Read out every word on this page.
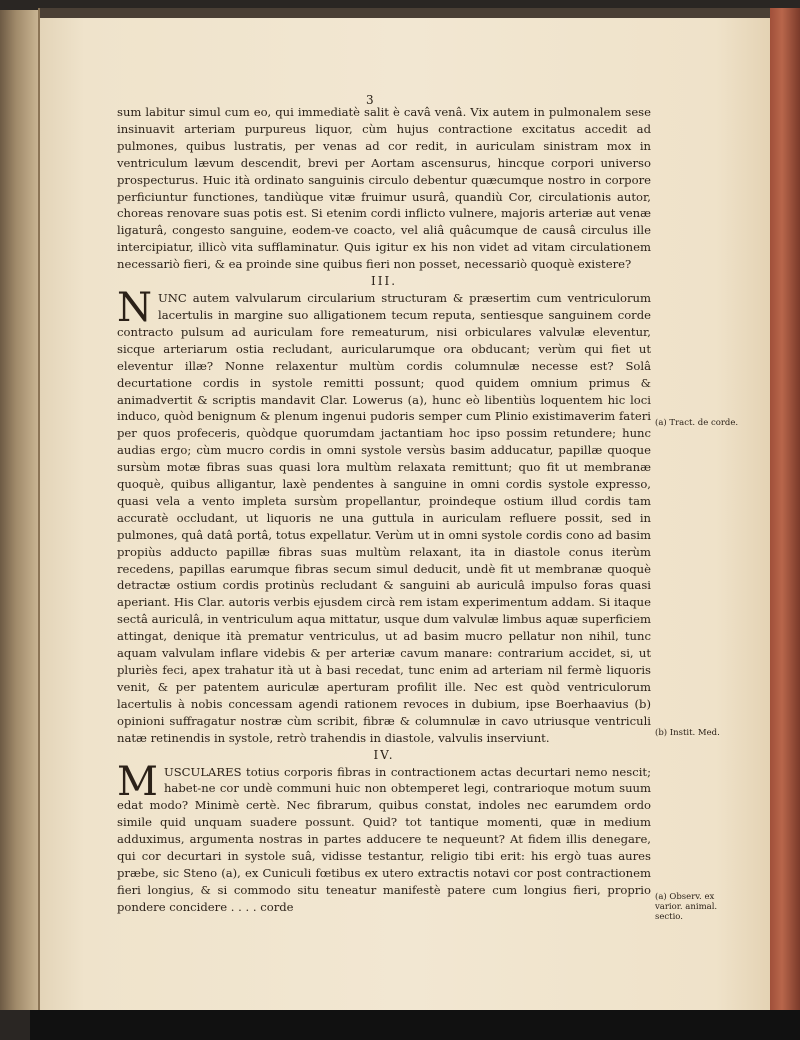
3

sum labitur simul cum eo, qui immediatè salit è cavâ venâ. Vix autem in pulmonalem sese insinuavit arteriam purpureus liquor, cùm hujus contractione excitatus accedit ad pulmones, quibus lustratis, per venas ad cor redit, in auriculam sinistram mox in ventriculum lævum descendit, brevi per Aortam ascensurus, hincque corpori universo prospecturus. Huic ità ordinato sanguinis circulo debentur quæcumque nostro in corpore perficiuntur functiones, tandiùque vitæ fruimur usurâ, quandiù Cor, circulationis autor, choreas renovare suas potis est. Si etenim cordi inflicto vulnere, majoris arteriæ aut venæ ligaturâ, congesto sanguine, eodem-ve coacto, vel aliâ quâcumque de causâ circulus ille intercipiatur, illicò vita sufflaminatur. Quis igitur ex his non videt ad vitam circulationem necessariò fieri, & ea proinde sine quibus fieri non posset, necessariò quoquè existere?

III.

NUNC autem valvularum circularium structuram & præsertim cum ventriculorum lacertulis in margine suo alligationem tecum reputa, sentiesque sanguinem corde contracto pulsum ad auriculam fore remeaturum, nisi orbiculares valvulæ eleventur, sicque arteriarum ostia recludant, auricularumque ora obducant; verùm qui fiet ut eleventur illæ? Nonne relaxentur multùm cordis columnulæ necesse est? Solâ decurtatione cordis in systole remitti possunt; quod quidem omnium primus & animadvertit & scriptis mandavit Clar. Lowerus (a), hunc eò libentiùs loquentem hic loci induco, quòd benignum & plenum ingenui pudoris semper cum Plinio existimaverim fateri per quos profeceris, quòdque quorumdam jactantiam hoc ipso possim retundere; hunc audias ergo; cùm mucro cordis in omni systole versùs basim adducatur, papillæ quoque sursùm motæ fibras suas quasi lora multùm relaxata remittunt; quo fit ut membranæ quoquè, quibus alligantur, laxè pendentes à sanguine in omni cordis systole expresso, quasi vela a vento impleta sursùm propellantur, proindeque ostium illud cordis tam accuratè occludant, ut liquoris ne una guttula in auriculam refluere possit, sed in pulmones, quâ datâ portâ, totus expellatur. Verùm ut in omni systole cordis cono ad basim propiùs adducto papillæ fibras suas multùm relaxant, ita in diastole conus iterùm recedens, papillas earumque fibras secum simul deducit, undè fit ut membranæ quoquè detractæ ostium cordis protinùs recludant & sanguini ab auriculâ impulso foras quasi aperiant. His Clar. autoris verbis ejusdem circà rem istam experimentum addam. Si itaque sectâ auriculâ, in ventriculum aqua mittatur, usque dum valvulæ limbus aquæ superficiem attingat, denique ità prematur ventriculus, ut ad basim mucro pellatur non nihil, tunc aquam valvulam inflare videbis & per arteriæ cavum manare: contrarium accidet, si, ut pluriès feci, apex trahatur ità ut à basi recedat, tunc enim ad arteriam nil fermè liquoris venit, & per patentem auriculæ aperturam profilit ille. Nec est quòd ventriculorum lacertulis à nobis concessam agendi rationem revoces in dubium, ipse Boerhaavius (b) opinioni suffragatur nostræ cùm scribit, fibræ & columnulæ in cavo utriusque ventriculi natæ retinendis in systole, retrò trahendis in diastole, valvulis inserviunt.

IV.

MUSCULARES totius corporis fibras in contractionem actas decurtari nemo nescit; habet-ne cor undè communi huic non obtemperet legi, contrarioque motum suum edat modo? Minimè certè. Nec fibrarum, quibus constat, indoles nec earumdem ordo simile quid unquam suadere possunt. Quid? tot tantique momenti, quæ in medium adduximus, argumenta nostras in partes adducere te nequeunt? At fidem illis denegare, qui cor decurtari in systole suâ, vidisse testantur, religio tibi erit: his ergò tuas aures præbe, sic Steno (a), ex Cuniculi fœtibus ex utero extractis notavi cor post contractionem fieri longius, & si commodo situ teneatur manifestè patere cum longius fieri, proprio pondere concidere . . . . corde

(a) Tract. de corde.
(b) Instit. Med.
(a) Observ. ex varior. animal. sectio.
